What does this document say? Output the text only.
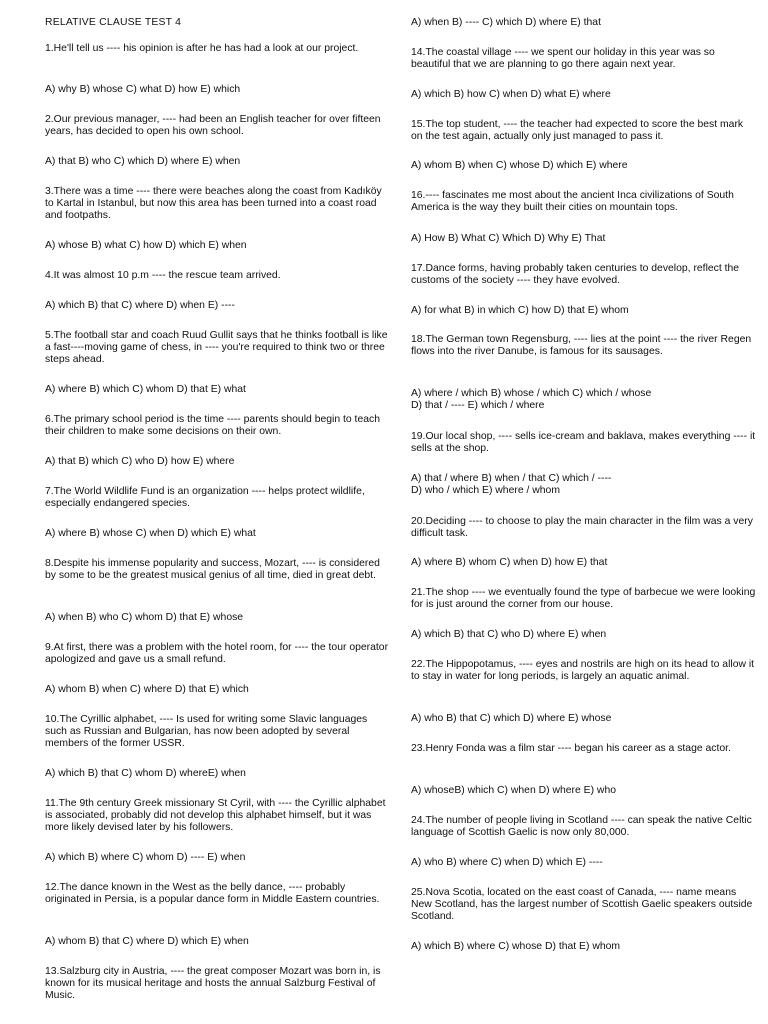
RELATIVE CLAUSE TEST 4

1.He'll tell us ---- his opinion is after he has had a look at our project.

A) why B) whose C) what D) how E) which

2.Our previous manager, ---- had been an English teacher for over fifteen years, has decided to open his own school.

A) that B) who C) which D) where E) when

3.There was a time ---- there were beaches along the coast from Kadıköy to Kartal in Istanbul, but now this area has been turned into a coast road and footpaths.

A) whose B) what C) how D) which E) when

4.It was almost 10 p.m ---- the rescue team arrived.

A) which B) that C) where D) when E) ----

5.The football star and coach Ruud Gullit says that he thinks football is like a fast----moving game of chess, in ---- you're required to think two or three steps ahead.

A) where B) which C) whom D) that E) what

6.The primary school period is the time ---- parents should begin to teach their children to make some decisions on their own.

A) that B) which C) who D) how E) where

7.The World Wildlife Fund is an organization ---- helps protect wildlife, especially endangered species.

A) where B) whose C) when D) which E) what

8.Despite his immense popularity and success, Mozart, ---- is considered by some to be the greatest musical genius of all time, died in great debt.

A) when B) who C) whom D) that E) whose

9.At first, there was a problem with the hotel room, for ---- the tour operator apologized and gave us a small refund.

A) whom B) when C) where D) that E) which

10.The Cyrillic alphabet, ---- Is used for writing some Slavic languages such as Russian and Bulgarian, has now been adopted by several members of the former USSR.

A) which B) that C) whom D) whereE) when

11.The 9th century Greek missionary St Cyril, with ---- the Cyrillic alphabet is associated, probably did not develop this alphabet himself, but it was more likely devised later by his followers.

A) which B) where C) whom D) ---- E) when

12.The dance known in the West as the belly dance, ---- probably originated in Persia, is a popular dance form in Middle Eastern countries.

A) whom B) that C) where D) which E) when

13.Salzburg city in Austria, ---- the great composer Mozart was born in, is known for its musical heritage and hosts the annual Salzburg Festival of Music.

A) when B) ---- C) which D) where E) that

14.The coastal village ---- we spent our holiday in this year was so beautiful that we are planning to go there again next year.

A) which B) how C) when D) what E) where

15.The top student, ---- the teacher had expected to score the best mark on the test again, actually only just managed to pass it.

A) whom B) when C) whose D) which E) where

16.---- fascinates me most about the ancient Inca civilizations of South America is the way they built their cities on mountain tops.

A) How B) What C) Which D) Why E) That

17.Dance forms, having probably taken centuries to develop, reflect the customs of the society ---- they have evolved.

A) for what B) in which C) how D) that E) whom

18.The German town Regensburg, ---- lies at the point ---- the river Regen flows into the river Danube, is famous for its sausages.

A) where / which B) whose / which C) which / whose
D) that / ---- E) which / where

19.Our local shop, ---- sells ice-cream and baklava, makes everything ---- it sells at the shop.

A) that / where B) when / that C) which / ----
D) who / which E) where / whom

20.Deciding ---- to choose to play the main character in the film was a very difficult task.

A) where B) whom C) when D) how E) that

21.The shop ---- we eventually found the type of barbecue we were looking for is just around the corner from our house.

A) which B) that C) who D) where E) when

22.The Hippopotamus, ---- eyes and nostrils are high on its head to allow it to stay in water for long periods, is largely an aquatic animal.

A) who B) that C) which D) where E) whose

23.Henry Fonda was a film star ---- began his career as a stage actor.

A) whoseB) which C) when D) where E) who

24.The number of people living in Scotland ---- can speak the native Celtic language of Scottish Gaelic is now only 80,000.

A) who B) where C) when D) which E) ----

25.Nova Scotia, located on the east coast of Canada, ---- name means New Scotland, has the largest number of Scottish Gaelic speakers outside Scotland.

A) which B) where C) whose D) that E) whom
